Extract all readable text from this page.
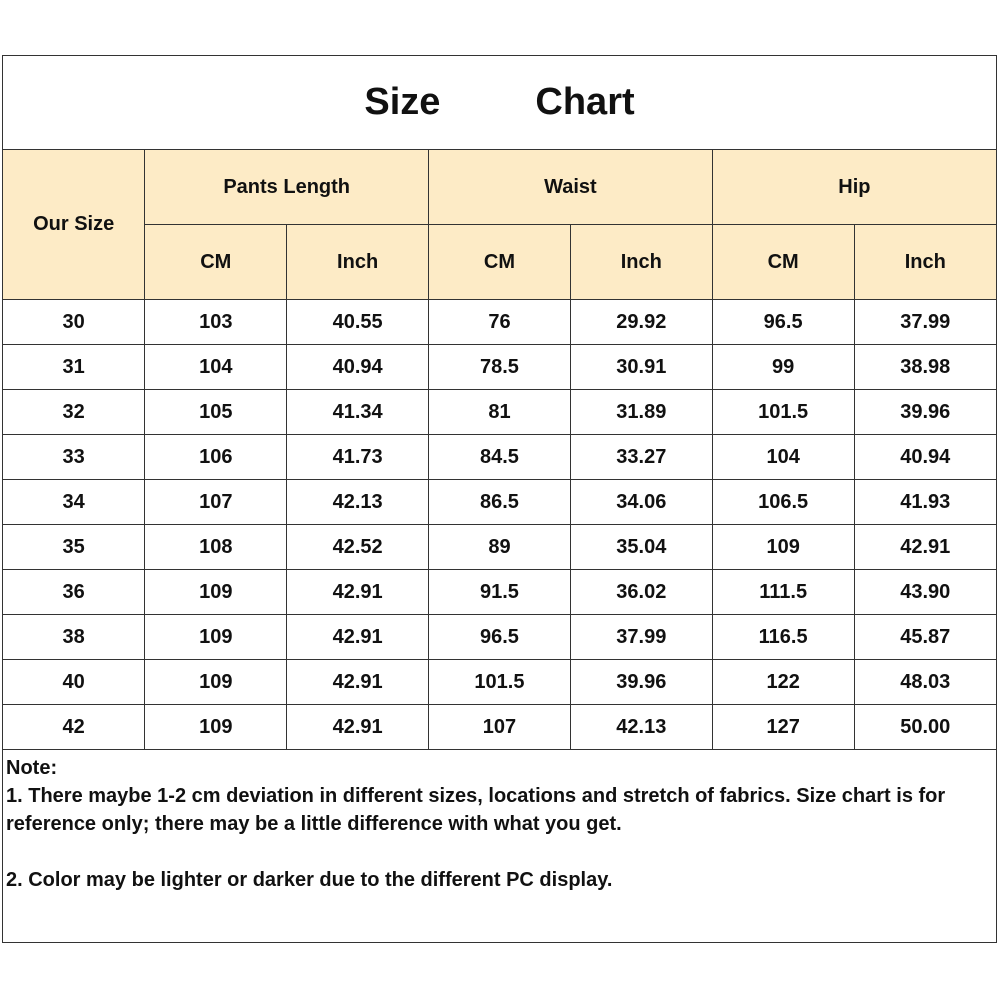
Size	Chart
Our Size	Pants Length		Waist		Hip	
	CM	Inch	CM	Inch	CM	Inch
30	103	40.55	76	29.92	96.5	37.99
31	104	40.94	78.5	30.91	99	38.98
32	105	41.34	81	31.89	101.5	39.96
33	106	41.73	84.5	33.27	104	40.94
34	107	42.13	86.5	34.06	106.5	41.93
35	108	42.52	89	35.04	109	42.91
36	109	42.91	91.5	36.02	111.5	43.90
38	109	42.91	96.5	37.99	116.5	45.87
40	109	42.91	101.5	39.96	122	48.03
42	109	42.91	107	42.13	127	50.00

Note:

1. There maybe 1-2 cm deviation in different sizes, locations and stretch of fabrics. Size chart is for reference only; there may be a little difference with what you get.

2. Color may be lighter or darker due to the different PC display.
